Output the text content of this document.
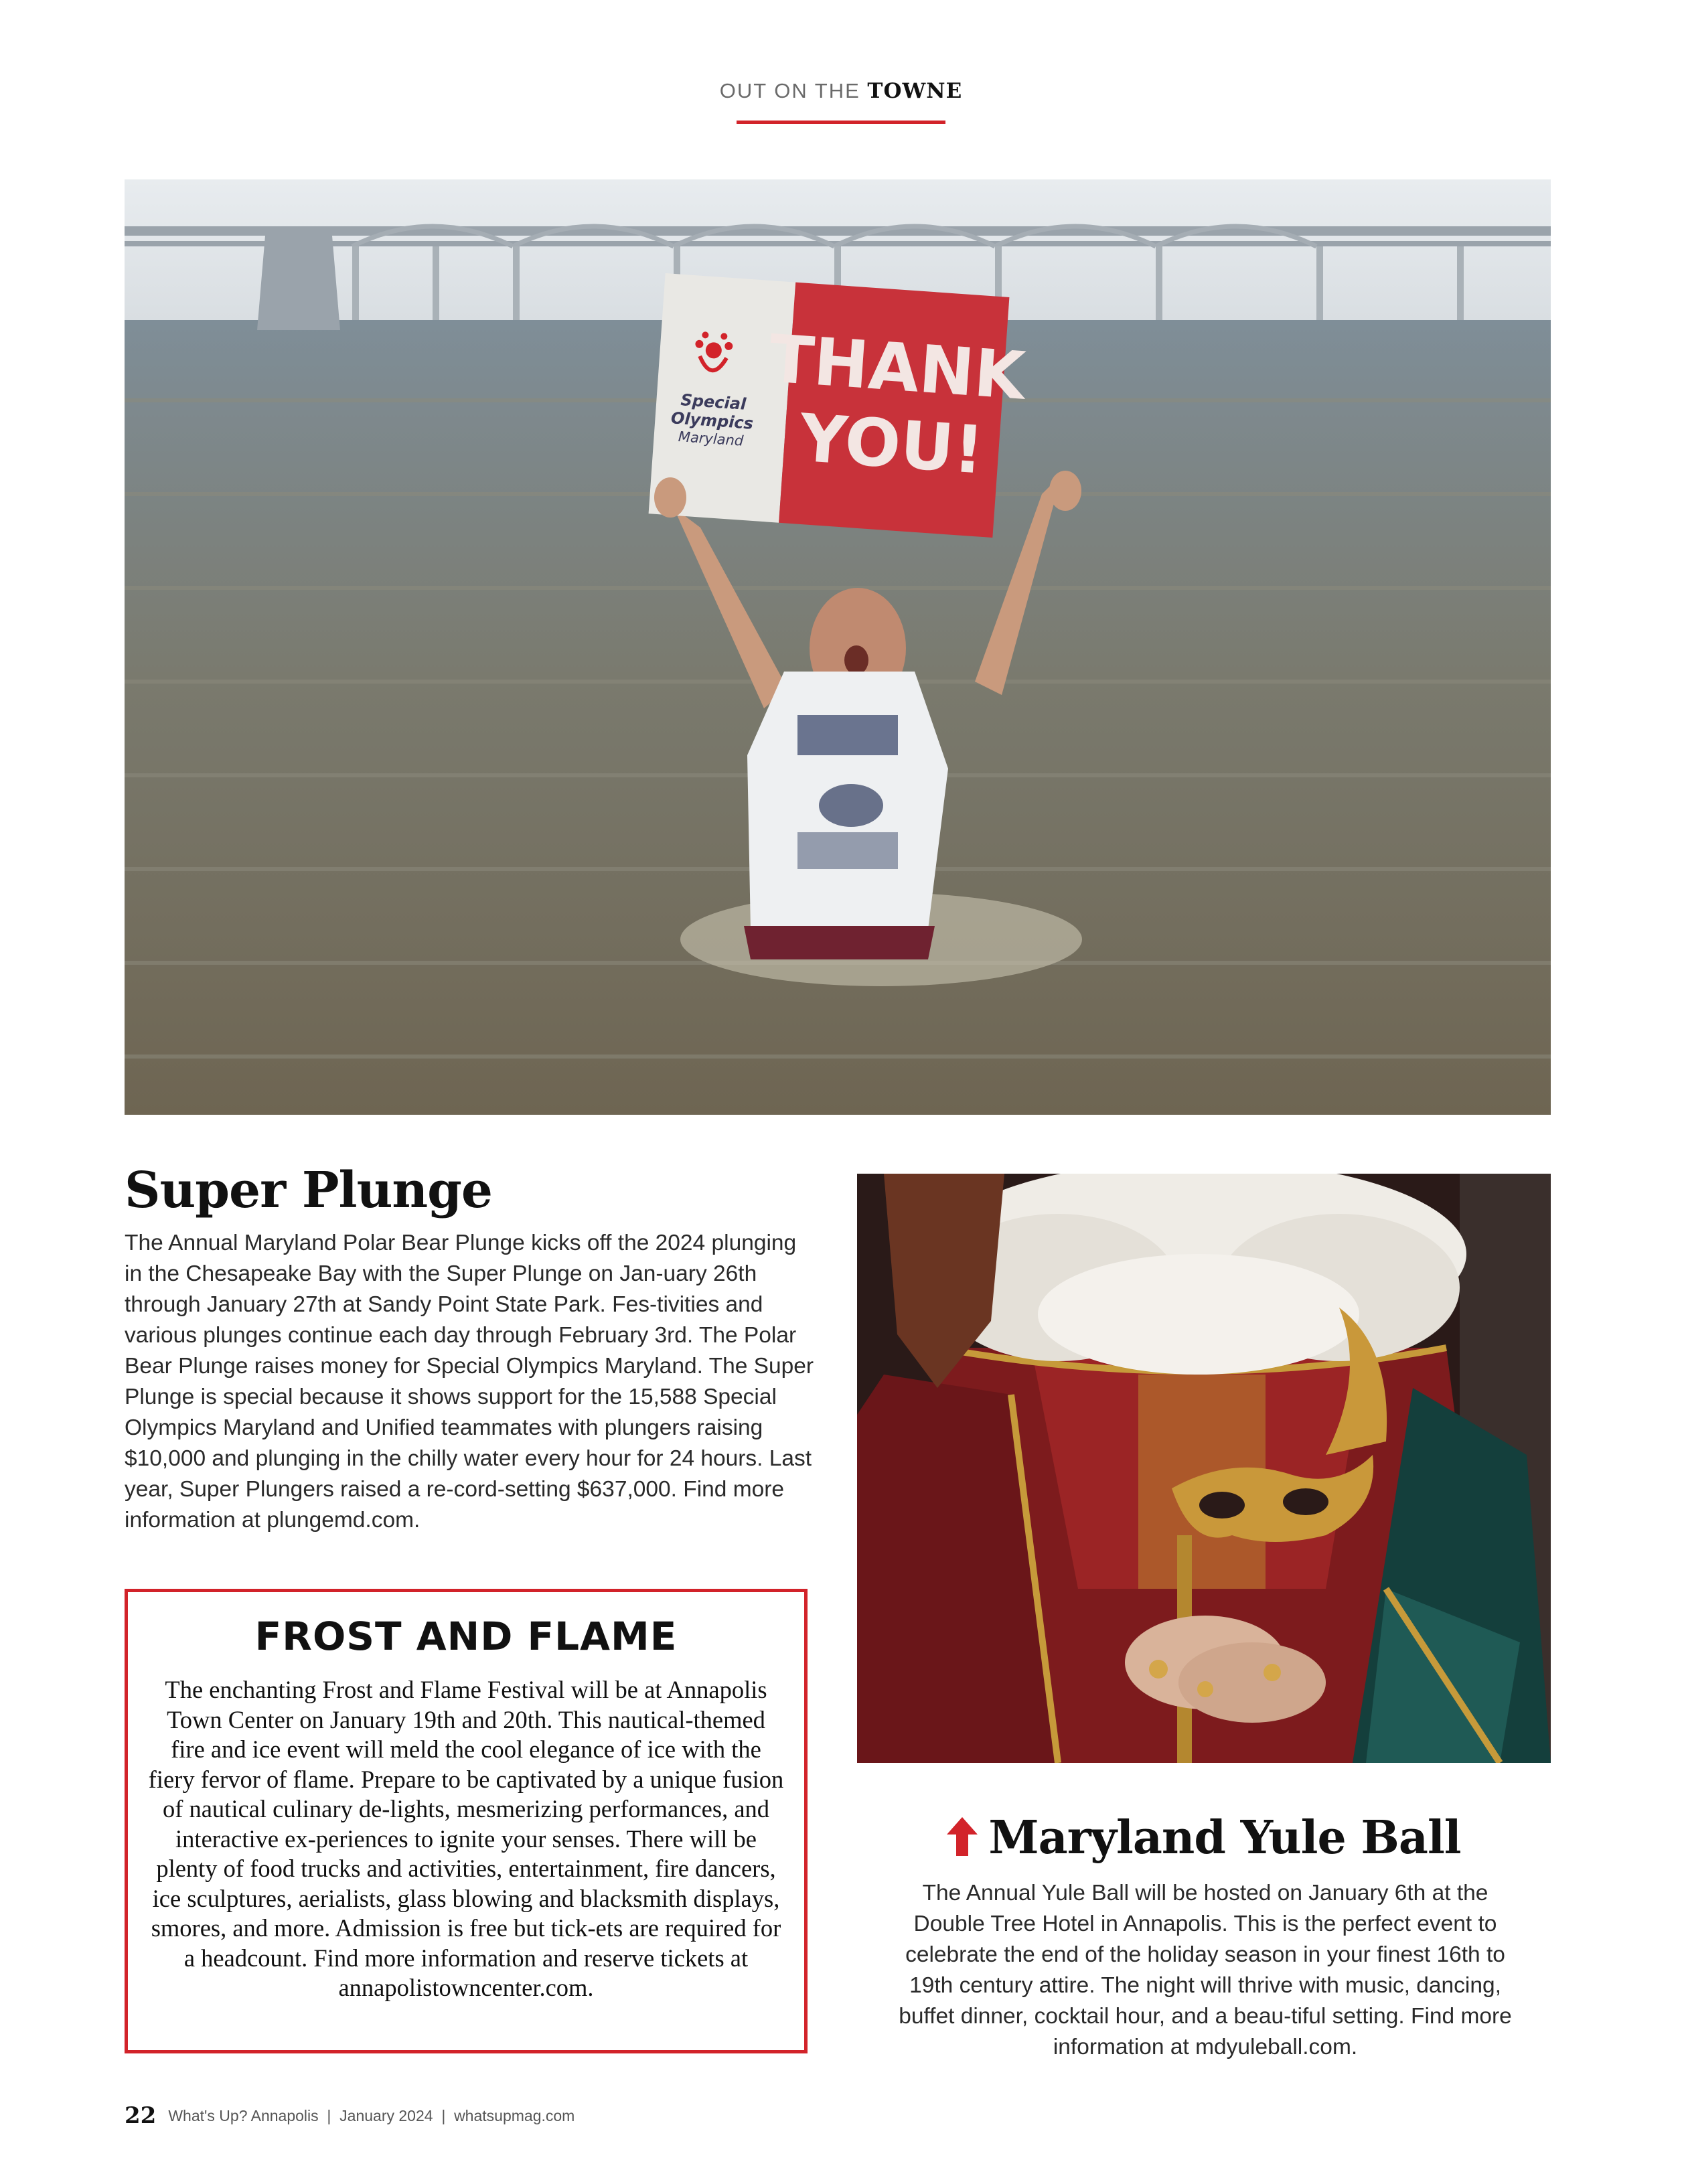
OUT ON THE TOWNE
Special
Olympics
Maryland
THANK
YOU!
Super Plunge

The Annual Maryland Polar Bear Plunge kicks off the 2024 plunging in the Chesapeake Bay with the Super Plunge on Jan-uary 26th through January 27th at Sandy Point State Park. Fes-tivities and various plunges continue each day through February 3rd. The Polar Bear Plunge raises money for Special Olympics Maryland. The Super Plunge is special because it shows support for the 15,588 Special Olympics Maryland and Unified teammates with plungers raising $10,000 and plunging in the chilly water every hour for 24 hours. Last year, Super Plungers raised a re-cord-setting $637,000. Find more information at plungemd.com.

FROST AND FLAME

The enchanting Frost and Flame Festival will be at Annapolis Town Center on January 19th and 20th. This nautical-themed fire and ice event will meld the cool elegance of ice with the fiery fervor of flame. Prepare to be captivated by a unique fusion of nautical culinary de-lights, mesmerizing performances, and interactive ex-periences to ignite your senses. There will be plenty of food trucks and activities, entertainment, fire dancers, ice sculptures, aerialists, glass blowing and blacksmith displays, smores, and more. Admission is free but tick-ets are required for a headcount. Find more information and reserve tickets at annapolistowncenter.com.

Maryland Yule Ball

The Annual Yule Ball will be hosted on January 6th at the Double Tree Hotel in Annapolis. This is the perfect event to celebrate the end of the holiday season in your finest 16th to 19th century attire. The night will thrive with music, dancing, buffet dinner, cocktail hour, and a beau-tiful setting. Find more information at mdyuleball.com.

22 What's Up? Annapolis  |  January 2024  |  whatsupmag.com
